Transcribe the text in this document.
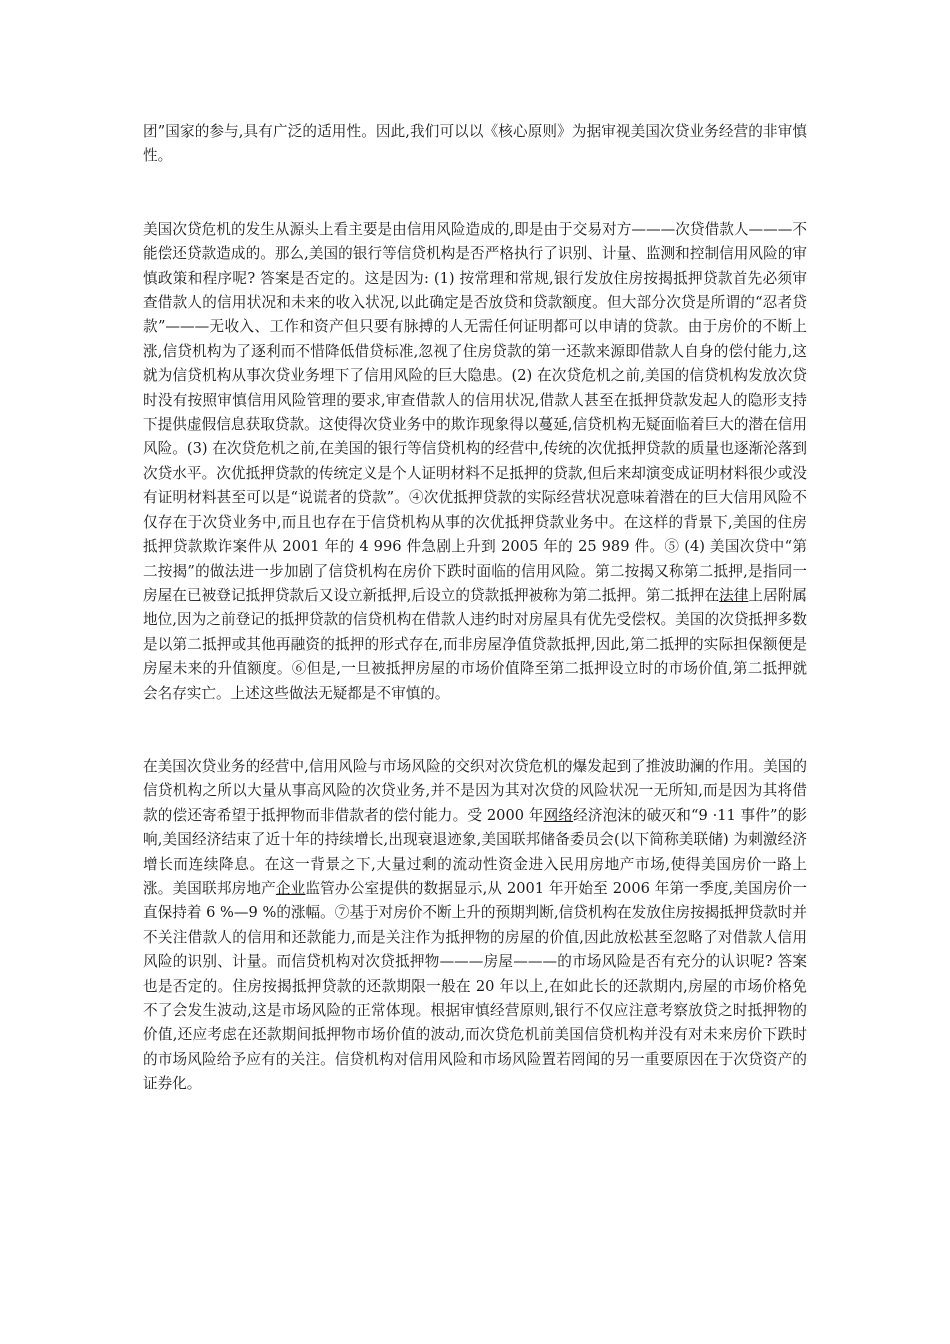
团”国家的参与,具有广泛的适用性。因此,我们可以以《核心原则》为据审视美国次贷业务经营的非审慎性。

美国次贷危机的发生从源头上看主要是由信用风险造成的,即是由于交易对方———次贷借款人———不能偿还贷款造成的。那么,美国的银行等信贷机构是否严格执行了识别、计量、监测和控制信用风险的审慎政策和程序呢? 答案是否定的。这是因为: (1) 按常理和常规,银行发放住房按揭抵押贷款首先必须审查借款人的信用状况和未来的收入状况,以此确定是否放贷和贷款额度。但大部分次贷是所谓的“忍者贷款”———无收入、工作和资产但只要有脉搏的人无需任何证明都可以申请的贷款。由于房价的不断上涨,信贷机构为了逐利而不惜降低借贷标准,忽视了住房贷款的第一还款来源即借款人自身的偿付能力,这就为信贷机构从事次贷业务埋下了信用风险的巨大隐患。(2) 在次贷危机之前,美国的信贷机构发放次贷时没有按照审慎信用风险管理的要求,审查借款人的信用状况,借款人甚至在抵押贷款发起人的隐形支持下提供虚假信息获取贷款。这使得次贷业务中的欺诈现象得以蔓延,信贷机构无疑面临着巨大的潜在信用风险。(3) 在次贷危机之前,在美国的银行等信贷机构的经营中,传统的次优抵押贷款的质量也逐渐沦落到次贷水平。次优抵押贷款的传统定义是个人证明材料不足抵押的贷款,但后来却演变成证明材料很少或没有证明材料甚至可以是“说谎者的贷款”。④次优抵押贷款的实际经营状况意味着潜在的巨大信用风险不仅存在于次贷业务中,而且也存在于信贷机构从事的次优抵押贷款业务中。在这样的背景下,美国的住房抵押贷款欺诈案件从 2001 年的 4 996 件急剧上升到 2005 年的 25 989 件。⑤ (4) 美国次贷中“第二按揭”的做法进一步加剧了信贷机构在房价下跌时面临的信用风险。第二按揭又称第二抵押,是指同一房屋在已被登记抵押贷款后又设立新抵押,后设立的贷款抵押被称为第二抵押。第二抵押在法律上居附属地位,因为之前登记的抵押贷款的信贷机构在借款人违约时对房屋具有优先受偿权。美国的次贷抵押多数是以第二抵押或其他再融资的抵押的形式存在,而非房屋净值贷款抵押,因此,第二抵押的实际担保额便是房屋未来的升值额度。⑥但是,一旦被抵押房屋的市场价值降至第二抵押设立时的市场价值,第二抵押就会名存实亡。上述这些做法无疑都是不审慎的。

在美国次贷业务的经营中,信用风险与市场风险的交织对次贷危机的爆发起到了推波助澜的作用。美国的信贷机构之所以大量从事高风险的次贷业务,并不是因为其对次贷的风险状况一无所知,而是因为其将借款的偿还寄希望于抵押物而非借款者的偿付能力。受 2000 年网络经济泡沫的破灭和“9 ·11 事件”的影响,美国经济结束了近十年的持续增长,出现衰退迹象,美国联邦储备委员会(以下简称美联储) 为刺激经济增长而连续降息。在这一背景之下,大量过剩的流动性资金进入民用房地产市场,使得美国房价一路上涨。美国联邦房地产企业监管办公室提供的数据显示,从 2001 年开始至 2006 年第一季度,美国房价一直保持着 6 %—9 %的涨幅。⑦基于对房价不断上升的预期判断,信贷机构在发放住房按揭抵押贷款时并不关注借款人的信用和还款能力,而是关注作为抵押物的房屋的价值,因此放松甚至忽略了对借款人信用风险的识别、计量。而信贷机构对次贷抵押物———房屋———的市场风险是否有充分的认识呢? 答案也是否定的。住房按揭抵押贷款的还款期限一般在 20 年以上,在如此长的还款期内,房屋的市场价格免不了会发生波动,这是市场风险的正常体现。根据审慎经营原则,银行不仅应注意考察放贷之时抵押物的价值,还应考虑在还款期间抵押物市场价值的波动,而次贷危机前美国信贷机构并没有对未来房价下跌时的市场风险给予应有的关注。信贷机构对信用风险和市场风险置若罔闻的另一重要原因在于次贷资产的证券化。
